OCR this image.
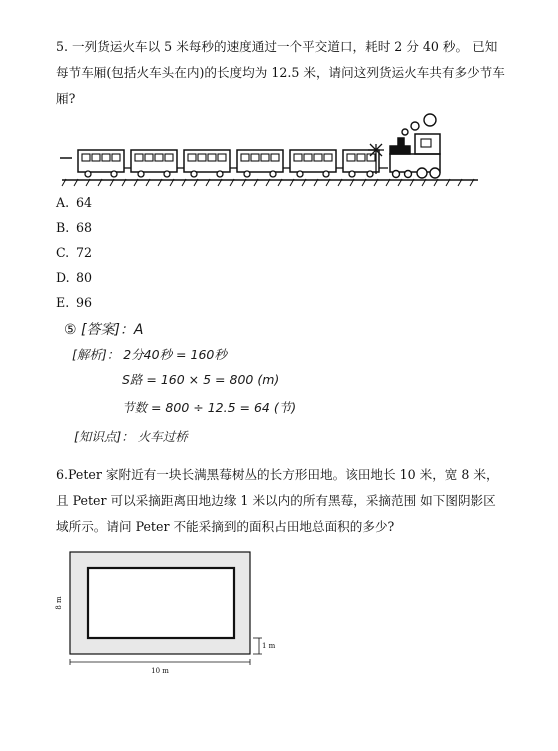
5. 一列货运火车以 5 米每秒的速度通过一个平交道口，耗时 2 分 40 秒。 已知每节车厢(包括火车头在内)的长度均为 12.5 米，请问这列货运火车共有多少节车厢?
A. 64
B. 68
C. 72
D. 80
E. 96
⑤ [答案]：A
[解析]： 2分40秒 = 160秒
S路 = 160 × 5 = 800 (m)
节数 = 800 ÷ 12.5 = 64 (节)
[知识点]： 火车过桥
6.Peter 家附近有一块长满黑莓树丛的长方形田地。该田地长 10 米，宽 8 米，且 Peter 可以采摘距离田地边缘 1 米以内的所有黑莓，采摘范围 如下图阴影区域所示。请问 Peter 不能采摘到的面积占田地总面积的多少?
8 m
1 m
10 m
